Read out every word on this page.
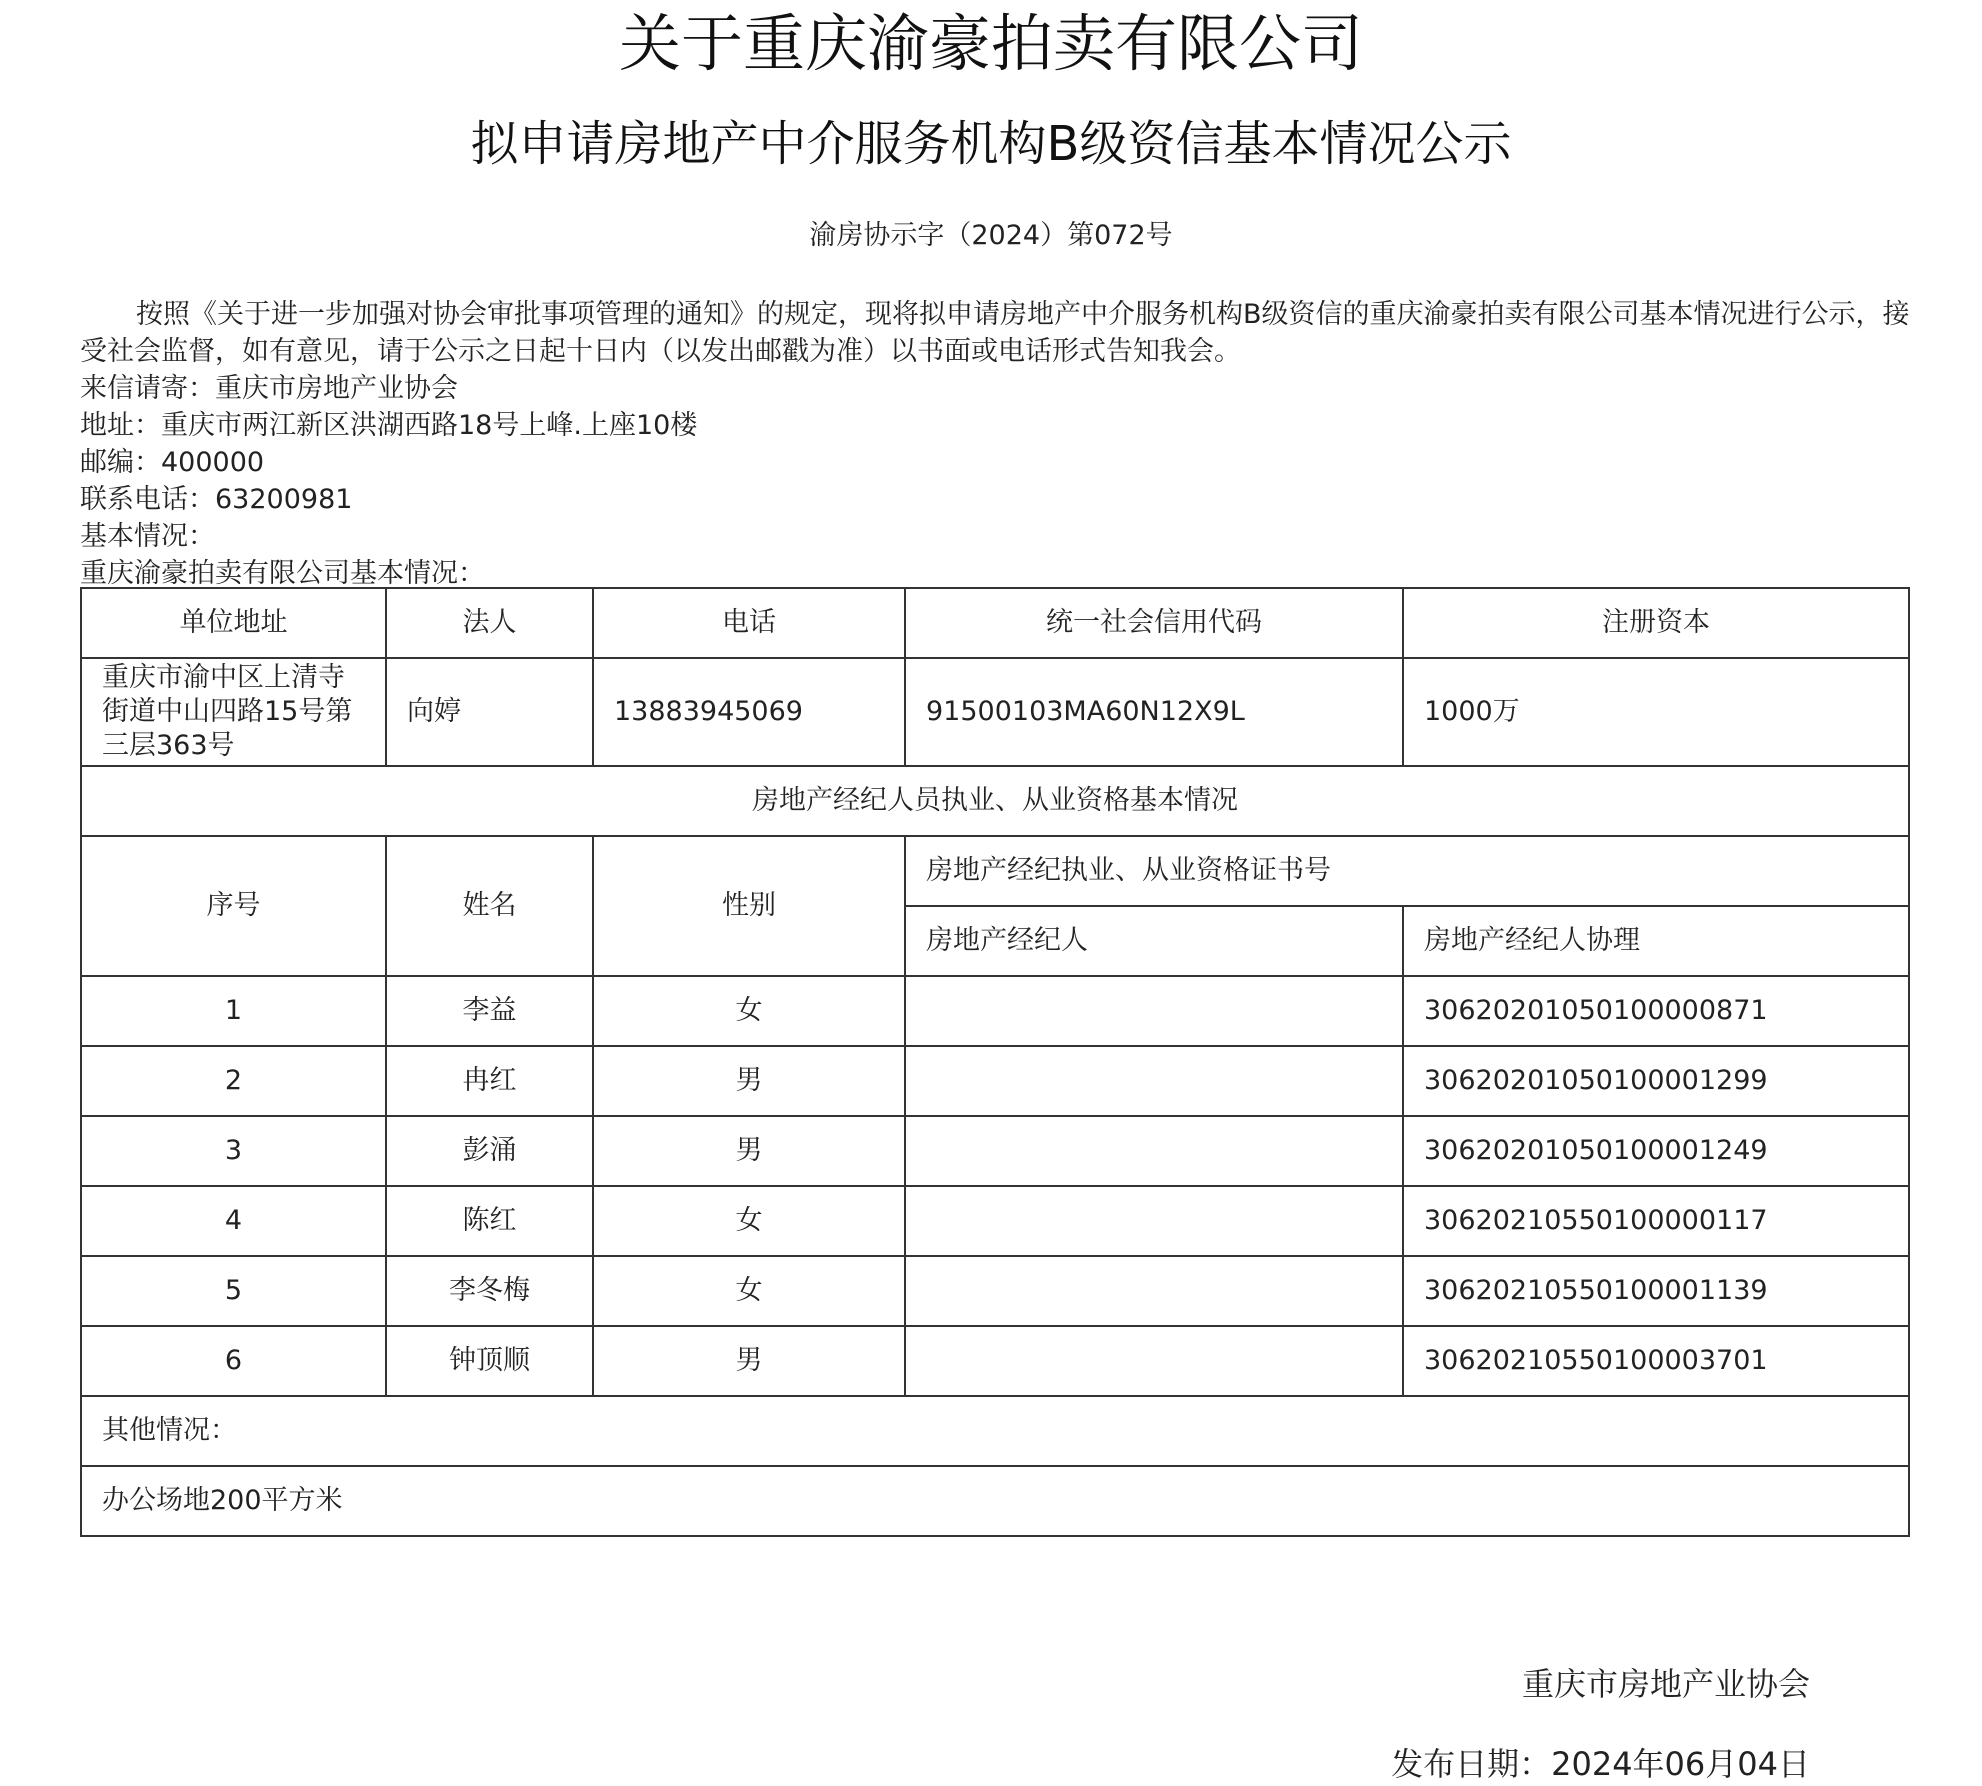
关于重庆渝豪拍卖有限公司
拟申请房地产中介服务机构B级资信基本情况公示
渝房协示字（2024）第072号

按照《关于进一步加强对协会审批事项管理的通知》的规定，现将拟申请房地产中介服务机构B级资信的重庆渝豪拍卖有限公司基本情况进行公示，接受社会监督，如有意见，请于公示之日起十日内（以发出邮戳为准）以书面或电话形式告知我会。

来信请寄：重庆市房地产业协会
地址：重庆市两江新区洪湖西路18号上峰.上座10楼
邮编：400000
联系电话：63200981
基本情况：
重庆渝豪拍卖有限公司基本情况：
单位地址	法人	电话	统一社会信用代码	注册资本
重庆市渝中区上清寺街道中山四路15号第三层363号	向婷	13883945069	91500103MA60N12X9L	1000万
房地产经纪人员执业、从业资格基本情况				
序号	姓名	性别	房地产经纪执业、从业资格证书号	
			房地产经纪人	房地产经纪人协理
1	李益	女		30620201050100000871
2	冉红	男		30620201050100001299
3	彭涌	男		30620201050100001249
4	陈红	女		30620210550100000117
5	李冬梅	女		30620210550100001139
6	钟顶顺	男		30620210550100003701
其他情况：				
办公场地200平方米				
重庆市房地产业协会
发布日期：2024年06月04日
